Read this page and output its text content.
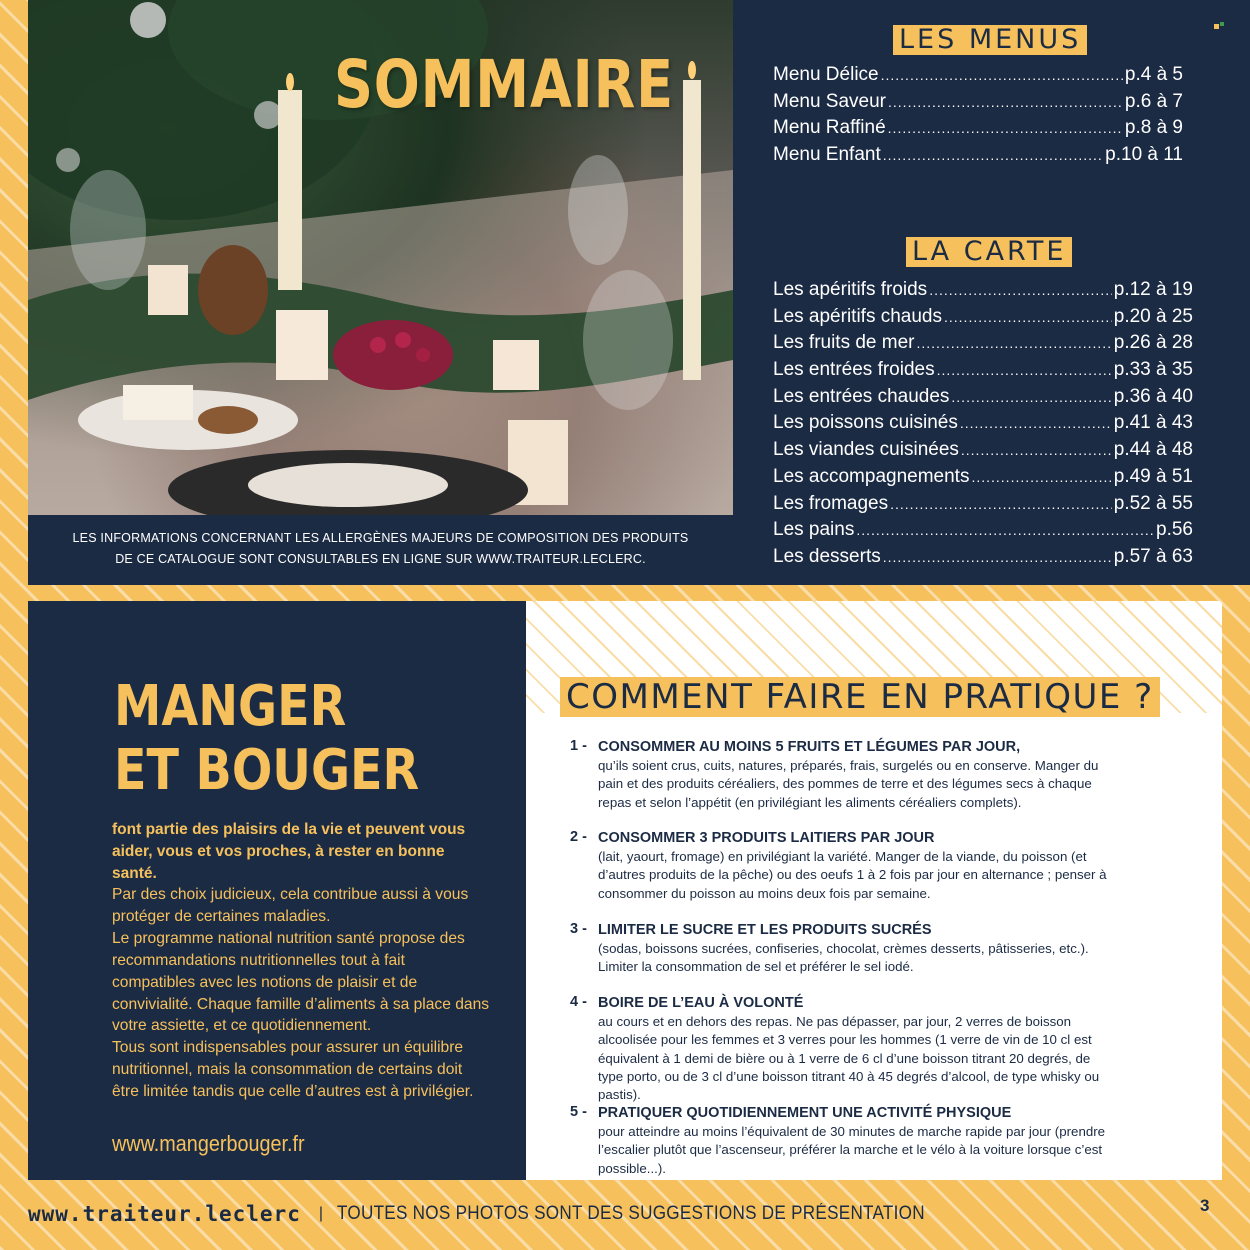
SOMMAIRE
LES INFORMATIONS CONCERNANT LES ALLERGÈNES MAJEURS DE COMPOSITION DES PRODUITS
DE CE CATALOGUE SONT CONSULTABLES EN LIGNE SUR WWW.TRAITEUR.LECLERC.
LES MENUS
Menu Délice .....	p.4 à 5
Menu Saveur .....	p.6 à 7
Menu Raffiné .....	p.8 à 9
Menu Enfant .....	p.10 à 11
LA CARTE
Les apéritifs froids .....	p.12 à 19
Les apéritifs chauds .....	p.20 à 25
Les fruits de mer .....	p.26 à 28
Les entrées froides .....	p.33 à 35
Les entrées chaudes .....	p.36 à 40
Les poissons cuisinés .....	p.41 à 43
Les viandes cuisinées .....	p.44 à 48
Les accompagnements .....	p.49 à 51
Les fromages .....	p.52 à 55
Les pains .....	p.56
Les desserts .....	p.57 à 63
MANGER
ET BOUGER
font partie des plaisirs de la vie et peuvent vous aider, vous et vos proches, à rester en bonne santé.

Par des choix judicieux, cela contribue aussi à vous protéger de certaines maladies.

Le programme national nutrition santé propose des recommandations nutritionnelles tout à fait compatibles avec les notions de plaisir et de convivialité. Chaque famille d’aliments à sa place dans votre assiette, et ce quotidiennement.

Tous sont indispensables pour assurer un équilibre nutritionnel, mais la consommation de certains doit être limitée tandis que celle d’autres est à privilégier.

www.mangerbouger.fr
COMMENT FAIRE EN PRATIQUE ?
1 - CONSOMMER AU MOINS 5 FRUITS ET LÉGUMES PAR JOUR,
qu’ils soient crus, cuits, natures, préparés, frais, surgelés ou en conserve. Manger du pain et des produits céréaliers, des pommes de terre et des légumes secs à chaque repas et selon l’appétit (en privilégiant les aliments céréaliers complets).
2 - CONSOMMER 3 PRODUITS LAITIERS PAR JOUR
(lait, yaourt, fromage) en privilégiant la variété. Manger de la viande, du poisson (et d’autres produits de la pêche) ou des oeufs 1 à 2 fois par jour en alternance ; penser à consommer du poisson au moins deux fois par semaine.
3 - LIMITER LE SUCRE ET LES PRODUITS SUCRÉS
(sodas, boissons sucrées, confiseries, chocolat, crèmes desserts, pâtisseries, etc.). Limiter la consommation de sel et préférer le sel iodé.
4 - BOIRE DE L’EAU À VOLONTÉ
au cours et en dehors des repas. Ne pas dépasser, par jour, 2 verres de boisson alcoolisée pour les femmes et 3 verres pour les hommes (1 verre de vin de 10 cl est équivalent à 1 demi de bière ou à 1 verre de 6 cl d’une boisson titrant 20 degrés, de type porto, ou de 3 cl d’une boisson titrant 40 à 45 degrés d’alcool, de type whisky ou pastis).
5 - PRATIQUER QUOTIDIENNEMENT UNE ACTIVITÉ PHYSIQUE
pour atteindre au moins l’équivalent de 30 minutes de marche rapide par jour (prendre l’escalier plutôt que l’ascenseur, préférer la marche et le vélo à la voiture lorsque c’est possible...).
www.traiteur.leclerc | TOUTES NOS PHOTOS SONT DES SUGGESTIONS DE PRÉSENTATION	3
